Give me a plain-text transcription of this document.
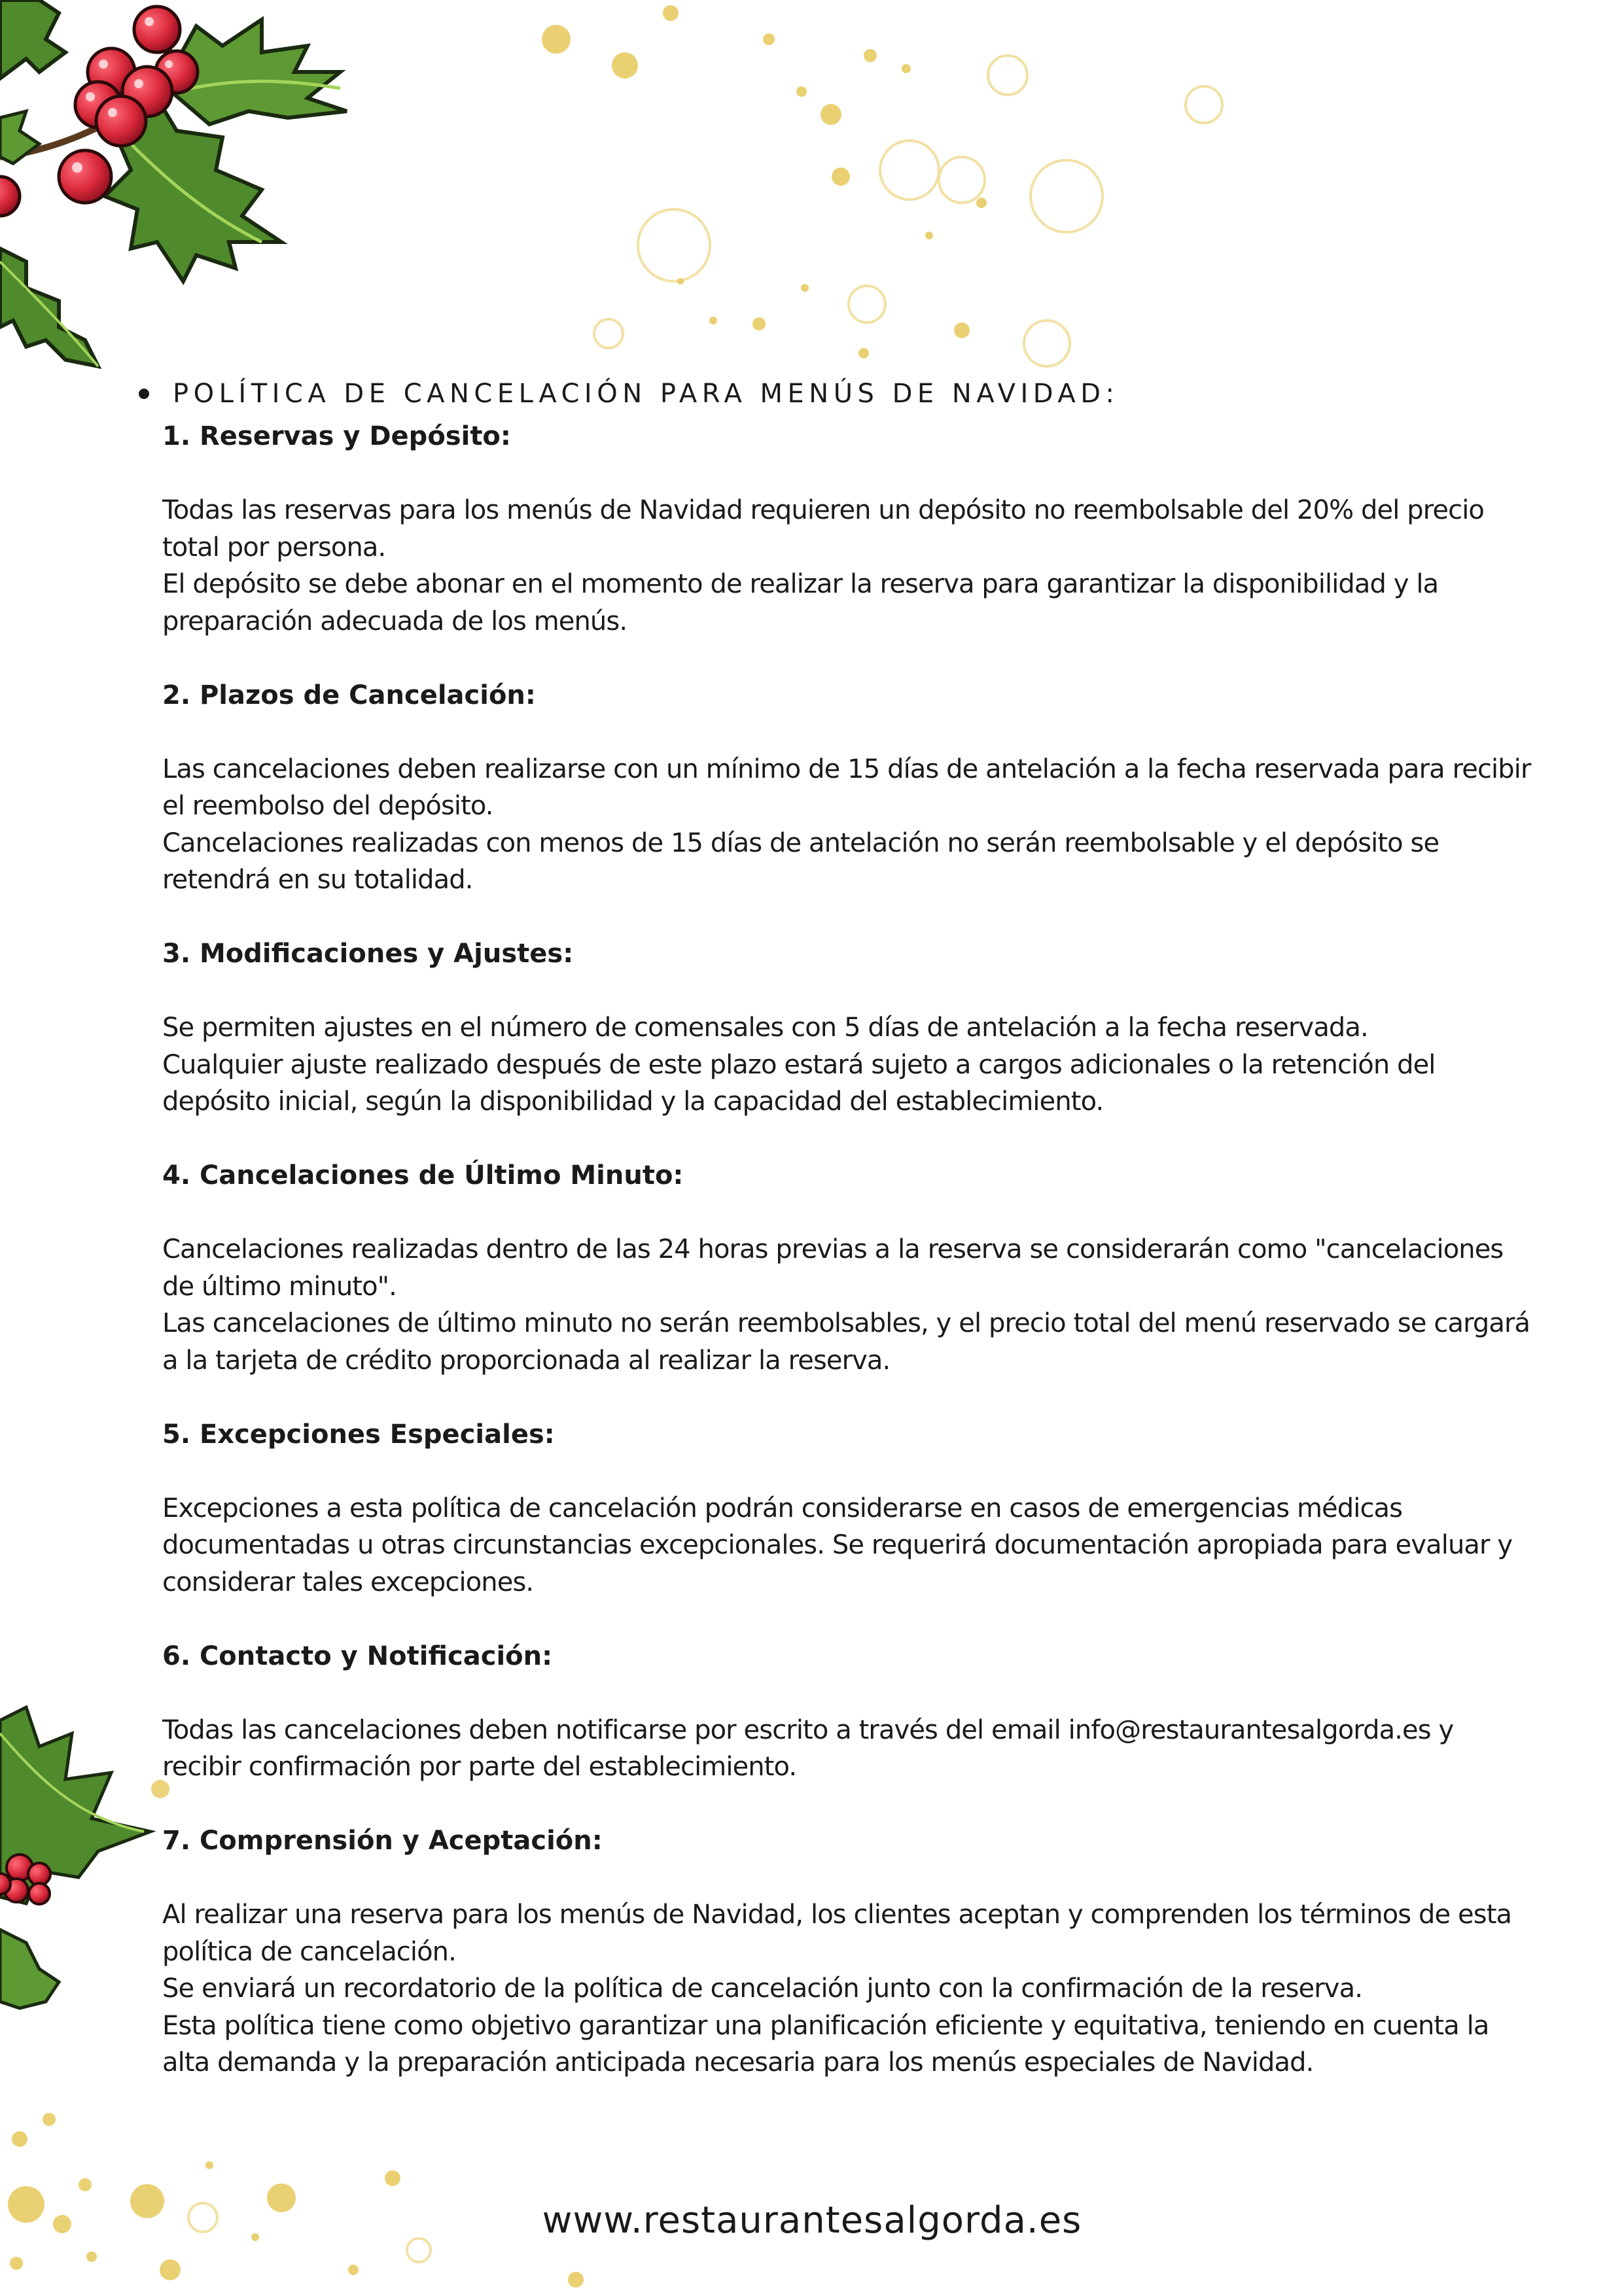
POLÍTICA DE CANCELACIÓN PARA MENÚS DE NAVIDAD:
1. Reservas y Depósito:

Todas las reservas para los menús de Navidad requieren un depósito no reembolsable del 20% del precio total por persona.

El depósito se debe abonar en el momento de realizar la reserva para garantizar la disponibilidad y la preparación adecuada de los menús.

2. Plazos de Cancelación:

Las cancelaciones deben realizarse con un mínimo de 15 días de antelación a la fecha reservada para recibir el reembolso del depósito.

Cancelaciones realizadas con menos de 15 días de antelación no serán reembolsable y el depósito se retendrá en su totalidad.

3. Modificaciones y Ajustes:

Se permiten ajustes en el número de comensales con 5 días de antelación a la fecha reservada.

Cualquier ajuste realizado después de este plazo estará sujeto a cargos adicionales o la retención del depósito inicial, según la disponibilidad y la capacidad del establecimiento.

4. Cancelaciones de Último Minuto:

Cancelaciones realizadas dentro de las 24 horas previas a la reserva se considerarán como "cancelaciones de último minuto".

Las cancelaciones de último minuto no serán reembolsables, y el precio total del menú reservado se cargará a la tarjeta de crédito proporcionada al realizar la reserva.

5. Excepciones Especiales:

Excepciones a esta política de cancelación podrán considerarse en casos de emergencias médicas documentadas u otras circunstancias excepcionales. Se requerirá documentación apropiada para evaluar y considerar tales excepciones.

6. Contacto y Notificación:

Todas las cancelaciones deben notificarse por escrito a través del email info@restaurantesalgorda.es y recibir confirmación por parte del establecimiento.

7. Comprensión y Aceptación:

Al realizar una reserva para los menús de Navidad, los clientes aceptan y comprenden los términos de esta política de cancelación.

Se enviará un recordatorio de la política de cancelación junto con la confirmación de la reserva.

Esta política tiene como objetivo garantizar una planificación eficiente y equitativa, teniendo en cuenta la alta demanda y la preparación anticipada necesaria para los menús especiales de Navidad.

www.restaurantesalgorda.es
